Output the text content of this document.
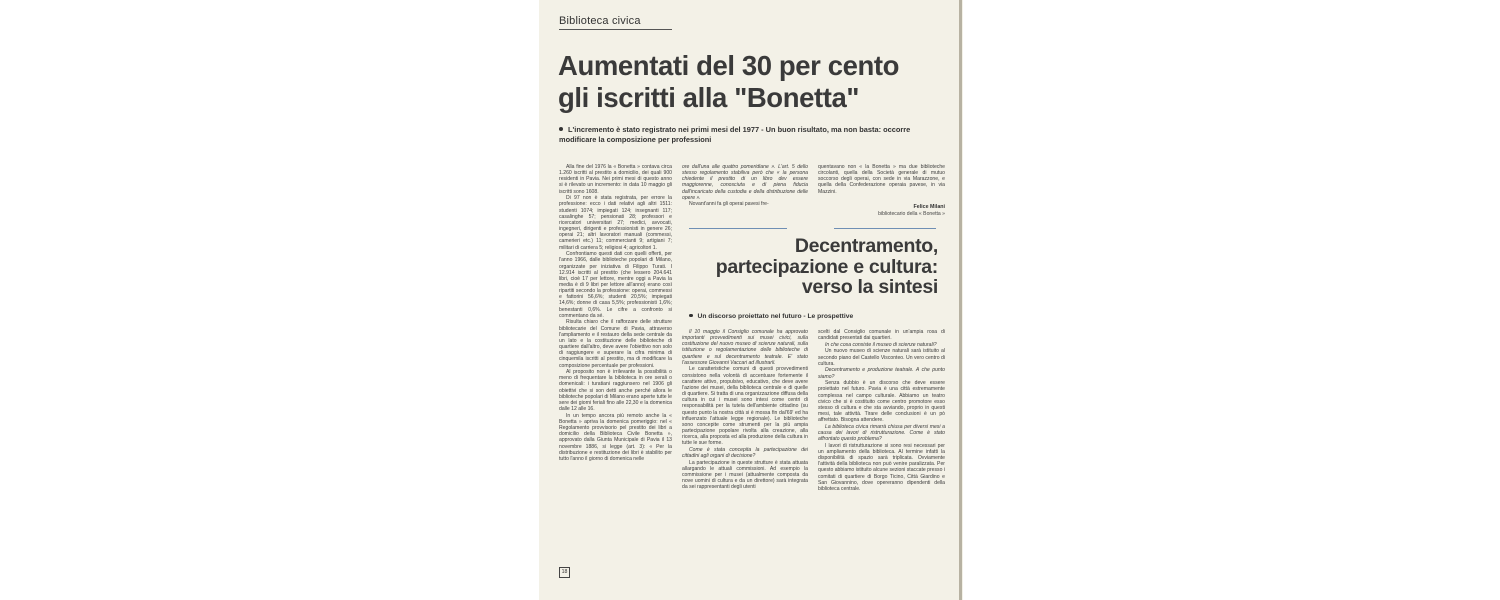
Biblioteca civica
Aumentati del 30 per cento
gli iscritti alla "Bonetta"
L'incremento è stato registrato nei primi mesi del 1977 - Un buon risultato, ma non basta: occorre modificare la composizione per professioni

Alla fine del 1976 la « Bonetta » contava circa 1.260 iscritti al prestito a domicilio, dei quali 900 residenti in Pavia. Nei primi mesi di questo anno si è rilevato un incremento: in data 10 maggio gli iscritti sono 1608.

Di 97 non è stata registrata, per errore la professione: ecco i dati relativi agli altri 1511: studenti 1074; impiegati 124; insegnanti 117; casalinghe 57; pensionati 28; professori e ricercatori universitari 27; medici, avvocati, ingegneri, dirigenti e professionisti in genere 26; operai 21; altri lavoratori manuali (commessi, camerieri etc.) 11; commercianti 9; artigiani 7; militari di carriera 5; religiosi 4; agricoltori 1.

Confrontiamo questi dati con quelli offerti, per l'anno 1966, dalle biblioteche popolari di Milano, organizzate per iniziativa di Filippo Turati. I 12.914 iscritti al prestito (che lessero 204.641 libri, cioè 17 per lettore, mentre oggi a Pavia la media è di 9 libri per lettore all'anno) erano così ripartiti secondo la professione: operai, commessi e fattorini 56,6%; studenti 20,5%; impiegati 14,6%; donne di casa 5,5%; professionisti 1,6%; benestanti 0,6%. Le cifre a confronto si commentano da sé.

Risulta chiaro che il rafforzare delle strutture bibliotecarie del Comune di Pavia, attraverso l'ampliamento e il restauro della sede centrale da un lato e la costituzione delle biblioteche di quartiere dall'altro, deve avere l'obiettivo non solo di raggiungere e superare la cifra minima di cinquemila iscritti al prestito, ma di modificare la composizione percentuale per professioni.

Al proposito non è irrilevante la possibilità o meno di frequentare la biblioteca in ore serali o domenicali: i turatiani raggiunsero nel 1906 gli obiettivi che si son detti anche perché allora le biblioteche popolari di Milano erano aperte tutte le sere dei giorni feriali fino alle 22,30 e la domenica dalle 12 alle 16.

In un tempo ancora più remoto anche la « Bonetta » apriva la domenica pomeriggio: nel « Regolamento provvisorio pel prestito dei libri a domicilio della Biblioteca Civile Bonetta », approvato dalla Giunta Municipale di Pavia il 13 novembre 1886, si legge (art. 3): « Per la distribuzione e restituzione dei libri è stabilito per tutto l'anno il giorno di domenica nelle

ore dall'una alle quattro pomeridiane ». L'art. 5 dello stesso regolamento stabiliva però che « la persona chiedente il prestito di un libro dev essere maggiorenne, conosciuta e di piena fiducia dall'incaricato della custodia e della distribuzione delle opere ».

Novant'anni fa gli operai pavesi fre-

quentavano non « la Bonetta » ma due biblioteche circolanti, quella della Società generale di mutuo soccorso degli operai, con sede in via Marazzone, e quella della Confederazione operaia pavese, in via Mazzini.

Felice Milani
bibliotecario della « Bonetta »
Decentramento,
partecipazione e cultura:
verso la sintesi
Un discorso proiettato nel futuro - Le prospettive

Il 10 maggio il Consiglio comunale ha approvato importanti provvedimenti sui musei civici, sulla costituzione del nuovo museo di scienze naturali, sulla istituzione o regolamentazione delle biblioteche di quartiere e sul decentramento teatrale. E' stato l'assessore Giovanni Vaccari ad illustrarli.

Le caratteristiche comuni di questi provvedimenti consistono nella volontà di accentuare fortemente il carattere attivo, propulsivo, educativo, che deve avere l'azione dei musei, della biblioteca centrale e di quelle di quartiere. Si tratta di una organizzazione diffusa della cultura in cui i musei sono intesi come centri di responsabilità per la tutela dell'ambiente cittadino (su questo punto la nostra città si è mossa fin dal'69' ed ha influenzato l'attuale legge regionale). Le biblioteche sono concepite come strumenti per la più ampia partecipazione popolare rivolta alla creazione, alla ricerca, alla proposta ed alla produzione della cultura in tutte le sue forme.

Come è stata concepita la partecipazione dei cittadini agli organi di decisione?

La partecipazione in queste strutture è stata attuata allargando le attuali commissioni. Ad esempio la commissione per i musei (attualmente composta da nove uomini di cultura e da un direttore) sarà integrata da sei rappresentanti degli utenti

scelti dal Consiglio comunale in un'ampia rosa di candidati presentati dai quartieri.

In che cosa consiste il museo di scienze naturali?

Un nuovo museo di scienze naturali sarà istituito al secondo piano del Castello Visconteo. Un vero centro di cultura.

Decentramento e produzione teatrale. A che punto siamo?

Senza dubbio è un discorso che deve essere proiettato nel futuro. Pavia è una città estremamente complessa nel campo culturale. Abbiamo un teatro civico che si è costituito come centro promotore esso stesso di cultura e che sta avviando, proprio in questi mesi, tale attività. Tirare delle conclusioni è un pò affrettato. Bisogna attendere.

La biblioteca civica rimarrà chiusa per diversi mesi a causa dei lavori di ristrutturazione. Come è stato affrontato questo problema?

I lavori di ristrutturazione si sono resi necessari per un ampliamento della biblioteca. Al termine infatti la disponibilità di spazio sarà triplicata. Ovviamente l'attività della biblioteca non può venire paralizzata. Per questo abbiamo istituito alcune sezioni staccate presso i comitati di quartiere di Borgo Ticino, Città Giardino e San Giovannino, dove opereranno dipendenti della biblioteca centrale.

18
